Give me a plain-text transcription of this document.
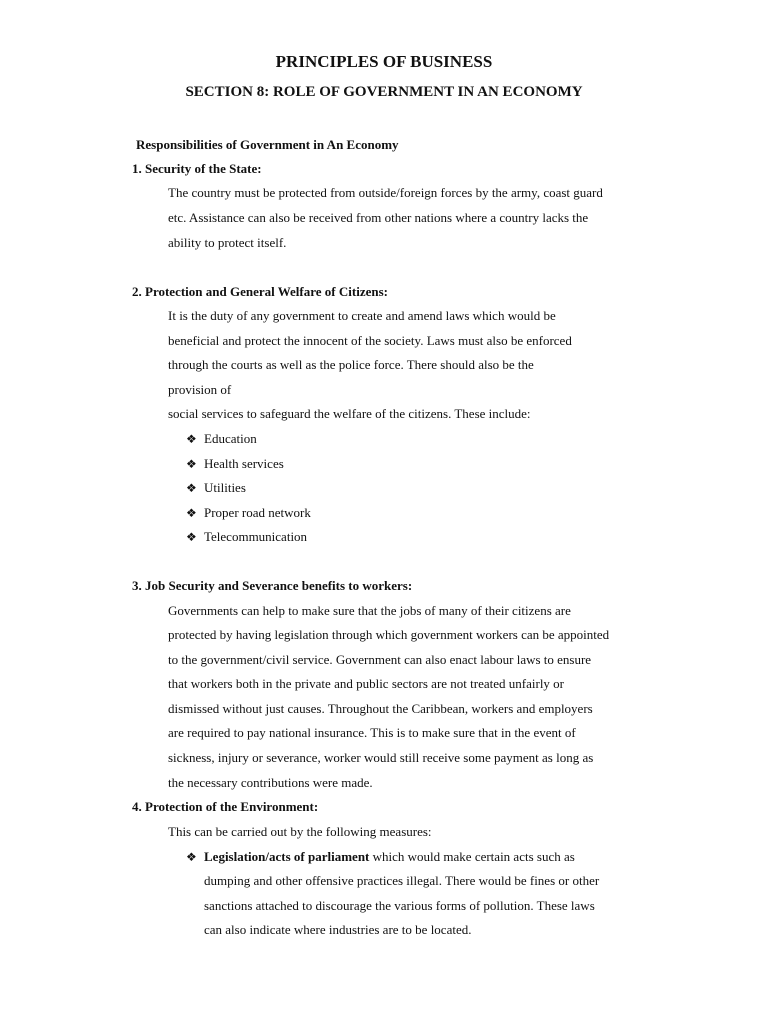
PRINCIPLES OF BUSINESS
SECTION 8: ROLE OF GOVERNMENT IN AN ECONOMY
Responsibilities of Government in An Economy
1. Security of the State:
The country must be protected from outside/foreign forces by the army, coast guard
etc. Assistance can also be received from other nations where a country lacks the
ability to protect itself.
2. Protection and General Welfare of Citizens:
It is the duty of any government to create and amend laws which would be
beneficial and protect the innocent of the society. Laws must also be enforced
through the courts as well as the police force. There should also be the
provision of
social services to safeguard the welfare of the citizens. These include:
❖ Education
❖ Health services
❖ Utilities
❖ Proper road network
❖ Telecommunication
3. Job Security and Severance benefits to workers:
Governments can help to make sure that the jobs of many of their citizens are
protected by having legislation through which government workers can be appointed
to the government/civil service. Government can also enact labour laws to ensure
that workers both in the private and public sectors are not treated unfairly or
dismissed without just causes. Throughout the Caribbean, workers and employers
are required to pay national insurance. This is to make sure that in the event of
sickness, injury or severance, worker would still receive some payment as long as
the necessary contributions were made.
4. Protection of the Environment:
This can be carried out by the following measures:
❖ Legislation/acts of parliament which would make certain acts such as
dumping and other offensive practices illegal. There would be fines or other
sanctions attached to discourage the various forms of pollution. These laws
can also indicate where industries are to be located.
